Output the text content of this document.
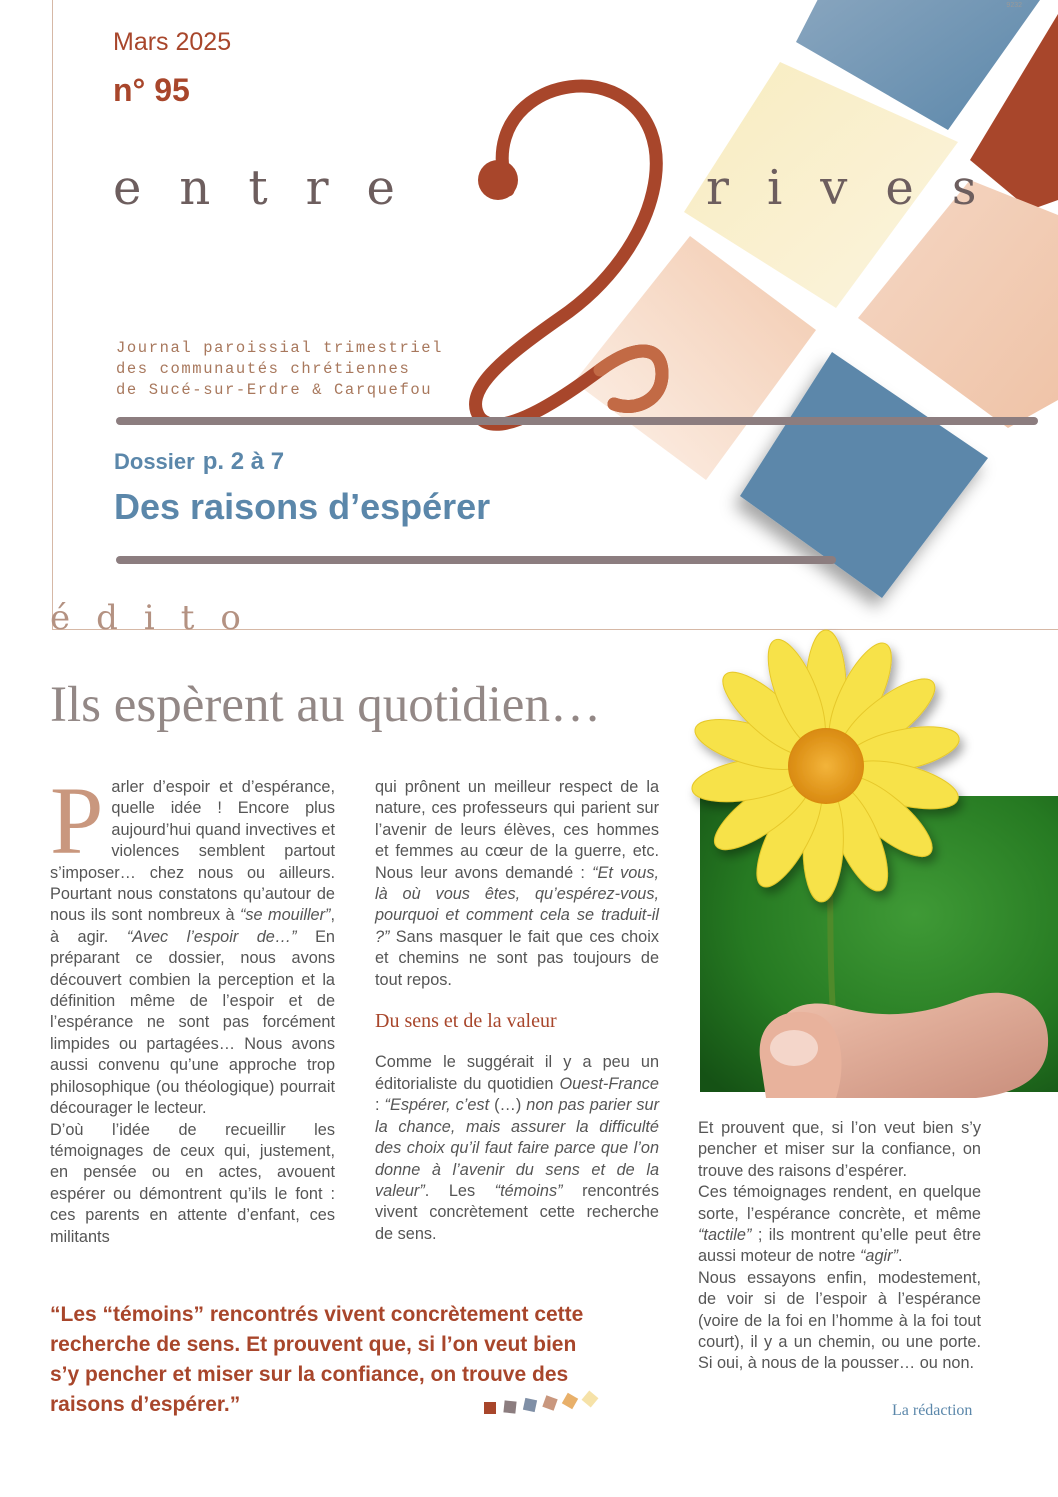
9232
Mars 2025
n° 95
entre	rives
Journal paroissial trimestriel
des communautés chrétiennes
de Sucé-sur-Erdre & Carquefou
Dossier p. 2 à 7
Des raisons d’espérer
édito
Ils espèrent au quotidien…

Parler d’espoir et d’espérance, quelle idée ! Encore plus aujourd’hui quand invectives et violences semblent partout s’imposer… chez nous ou ailleurs. Pourtant nous constatons qu’autour de nous ils sont nombreux à “se mouiller”, à agir. “Avec l’espoir de…” En préparant ce dossier, nous avons découvert combien la perception et la définition même de l’espoir et de l’espérance ne sont pas forcément limpides ou partagées… Nous avons aussi convenu qu’une approche trop philosophique (ou théologique) pourrait décourager le lecteur.

D’où l’idée de recueillir les témoignages de ceux qui, justement, en pensée ou en actes, avouent espérer ou démontrent qu’ils le font : ces parents en attente d’enfant, ces militants

qui prônent un meilleur respect de la nature, ces professeurs qui parient sur l’avenir de leurs élèves, ces hommes et femmes au cœur de la guerre, etc. Nous leur avons demandé : “Et vous, là où vous êtes, qu’espérez-vous, pourquoi et comment cela se traduit-il ?” Sans masquer le fait que ces choix et chemins ne sont pas toujours de tout repos.

Du sens et de la valeur

Comme le suggérait il y a peu un éditorialiste du quotidien Ouest-France : “Espérer, c’est (…) non pas parier sur la chance, mais assurer la difficulté des choix qu’il faut faire parce que l’on donne à l’avenir du sens et de la valeur”. Les “témoins” rencontrés vivent concrètement cette recherche de sens.

Et prouvent que, si l’on veut bien s’y pencher et miser sur la confiance, on trouve des raisons d’espérer.

Ces témoignages rendent, en quelque sorte, l’espérance concrète, et même “tactile” ; ils montrent qu’elle peut être aussi moteur de notre “agir”.

Nous essayons enfin, modestement, de voir si de l’espoir à l’espérance (voire de la foi en l’homme à la foi tout court), il y a un chemin, ou une porte. Si oui, à nous de la pousser… ou non.

“Les “témoins” rencontrés vivent concrètement cette recherche de sens. Et prouvent que, si l’on veut bien s’y pencher et miser sur la confiance, on trouve des raisons d’espérer.”	La rédaction
